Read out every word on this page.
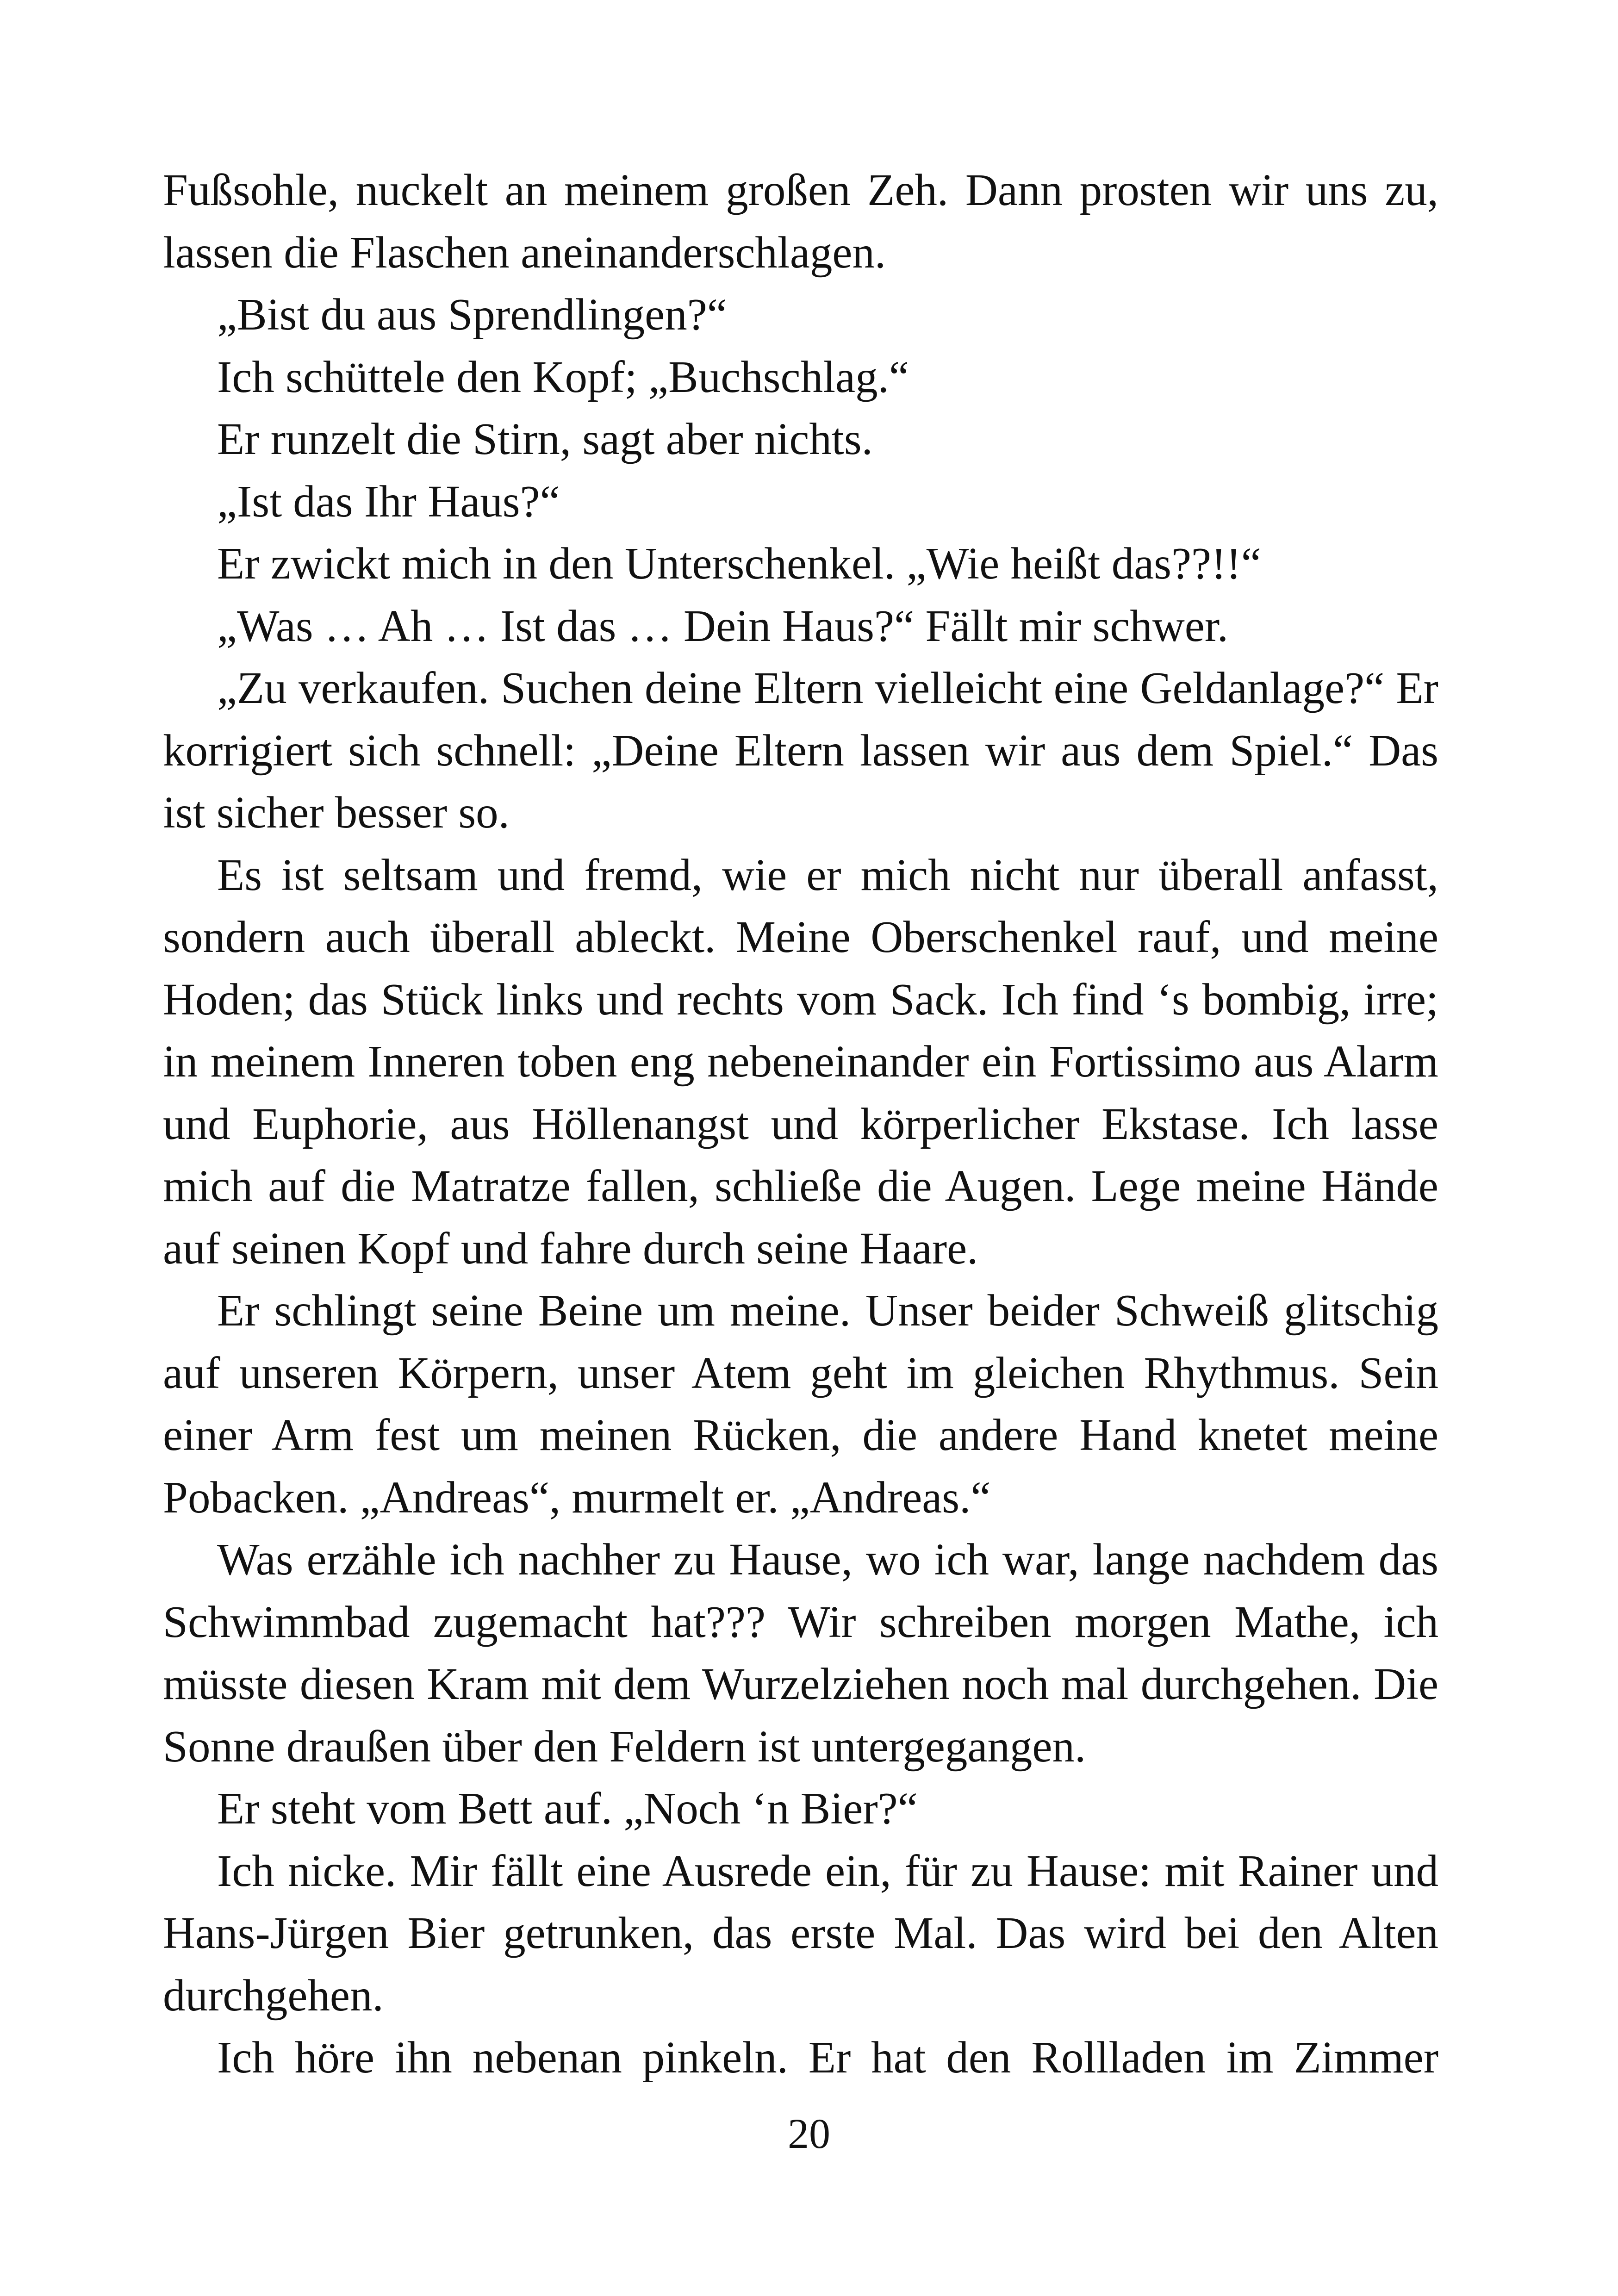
Fußsohle, nuckelt an meinem großen Zeh. Dann prosten wir uns zu, lassen die Flaschen aneinanderschlagen.

„Bist du aus Sprendlingen?“

Ich schüttele den Kopf; „Buchschlag.“

Er runzelt die Stirn, sagt aber nichts.

„Ist das Ihr Haus?“

Er zwickt mich in den Unterschenkel. „Wie heißt das??!!“

„Was … Ah … Ist das … Dein Haus?“ Fällt mir schwer.

„Zu verkaufen. Suchen deine Eltern vielleicht eine Geldanlage?“ Er korrigiert sich schnell: „Deine Eltern lassen wir aus dem Spiel.“ Das ist sicher besser so.

Es ist seltsam und fremd, wie er mich nicht nur überall anfasst, sondern auch überall ableckt. Meine Oberschenkel rauf, und meine Hoden; das Stück links und rechts vom Sack. Ich find ‘s bombig, irre; in meinem Inneren toben eng nebeneinander ein Fortissimo aus Alarm und Euphorie, aus Höllenangst und körperlicher Ekstase. Ich lasse mich auf die Matratze fallen, schließe die Augen. Lege meine Hände auf seinen Kopf und fahre durch seine Haare.

Er schlingt seine Beine um meine. Unser beider Schweiß glitschig auf unseren Körpern, unser Atem geht im gleichen Rhythmus. Sein einer Arm fest um meinen Rücken, die andere Hand knetet meine Pobacken. „Andreas“, murmelt er. „Andreas.“

Was erzähle ich nachher zu Hause, wo ich war, lange nachdem das Schwimmbad zugemacht hat??? Wir schreiben morgen Mathe, ich müsste diesen Kram mit dem Wurzelziehen noch mal durchgehen. Die Sonne draußen über den Feldern ist untergegangen.

Er steht vom Bett auf. „Noch ‘n Bier?“

Ich nicke. Mir fällt eine Ausrede ein, für zu Hause: mit Rainer und Hans-Jürgen Bier getrunken, das erste Mal. Das wird bei den Alten durchgehen.

Ich höre ihn nebenan pinkeln. Er hat den Rollladen im Zimmer

20
